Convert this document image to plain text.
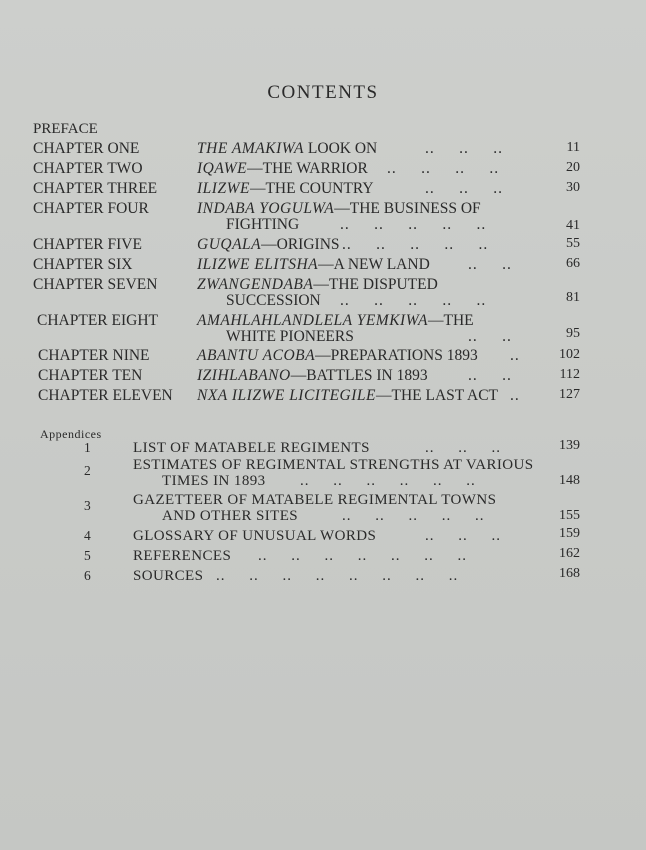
CONTENTS
PREFACE
CHAPTER ONE	THE AMAKIWA LOOK ON	..     ..     ..	11
CHAPTER TWO	IQAWE—THE WARRIOR ..     ..     ..     ..	20
CHAPTER THREE	ILIZWE—THE COUNTRY	..     ..     ..	30
CHAPTER FOUR	INDABA YOGULWA—THE BUSINESS OF
FIGHTING	..     ..     ..     ..     ..	41
CHAPTER FIVE	GUQALA—ORIGINS ..     ..     ..     ..     ..	55
CHAPTER SIX	ILIZWE ELITSHA—A NEW LAND ..     ..	66
CHAPTER SEVEN	ZWANGENDABA—THE DISPUTED
SUCCESSION ..     ..     ..     ..     ..	81
CHAPTER EIGHT	AMAHLAHLANDLELA YEMKIWA—THE
WHITE PIONEERS	..     ..	95
CHAPTER NINE	ABANTU ACOBA—PREPARATIONS 1893 ..	102
CHAPTER TEN	IZIHLABANO—BATTLES IN 1893	..     ..	112
CHAPTER ELEVEN NXA ILIZWE LICITEGILE—THE LAST ACT ..	127
Appendices
1	LIST OF MATABELE REGIMENTS	..     ..     ..	139
2	ESTIMATES OF REGIMENTAL STRENGTHS AT VARIOUS
TIMES IN 1893 ..     ..     ..     ..     ..     ..	148
3	GAZETTEER OF MATABELE REGIMENTAL TOWNS
AND OTHER SITES	..     ..     ..     ..     ..	155
4	GLOSSARY OF UNUSUAL WORDS	..     ..     ..	159
5	REFERENCES ..     ..     ..     ..     ..     ..     ..	162
6	SOURCES ..     ..     ..     ..     ..     ..     ..     ..	168
